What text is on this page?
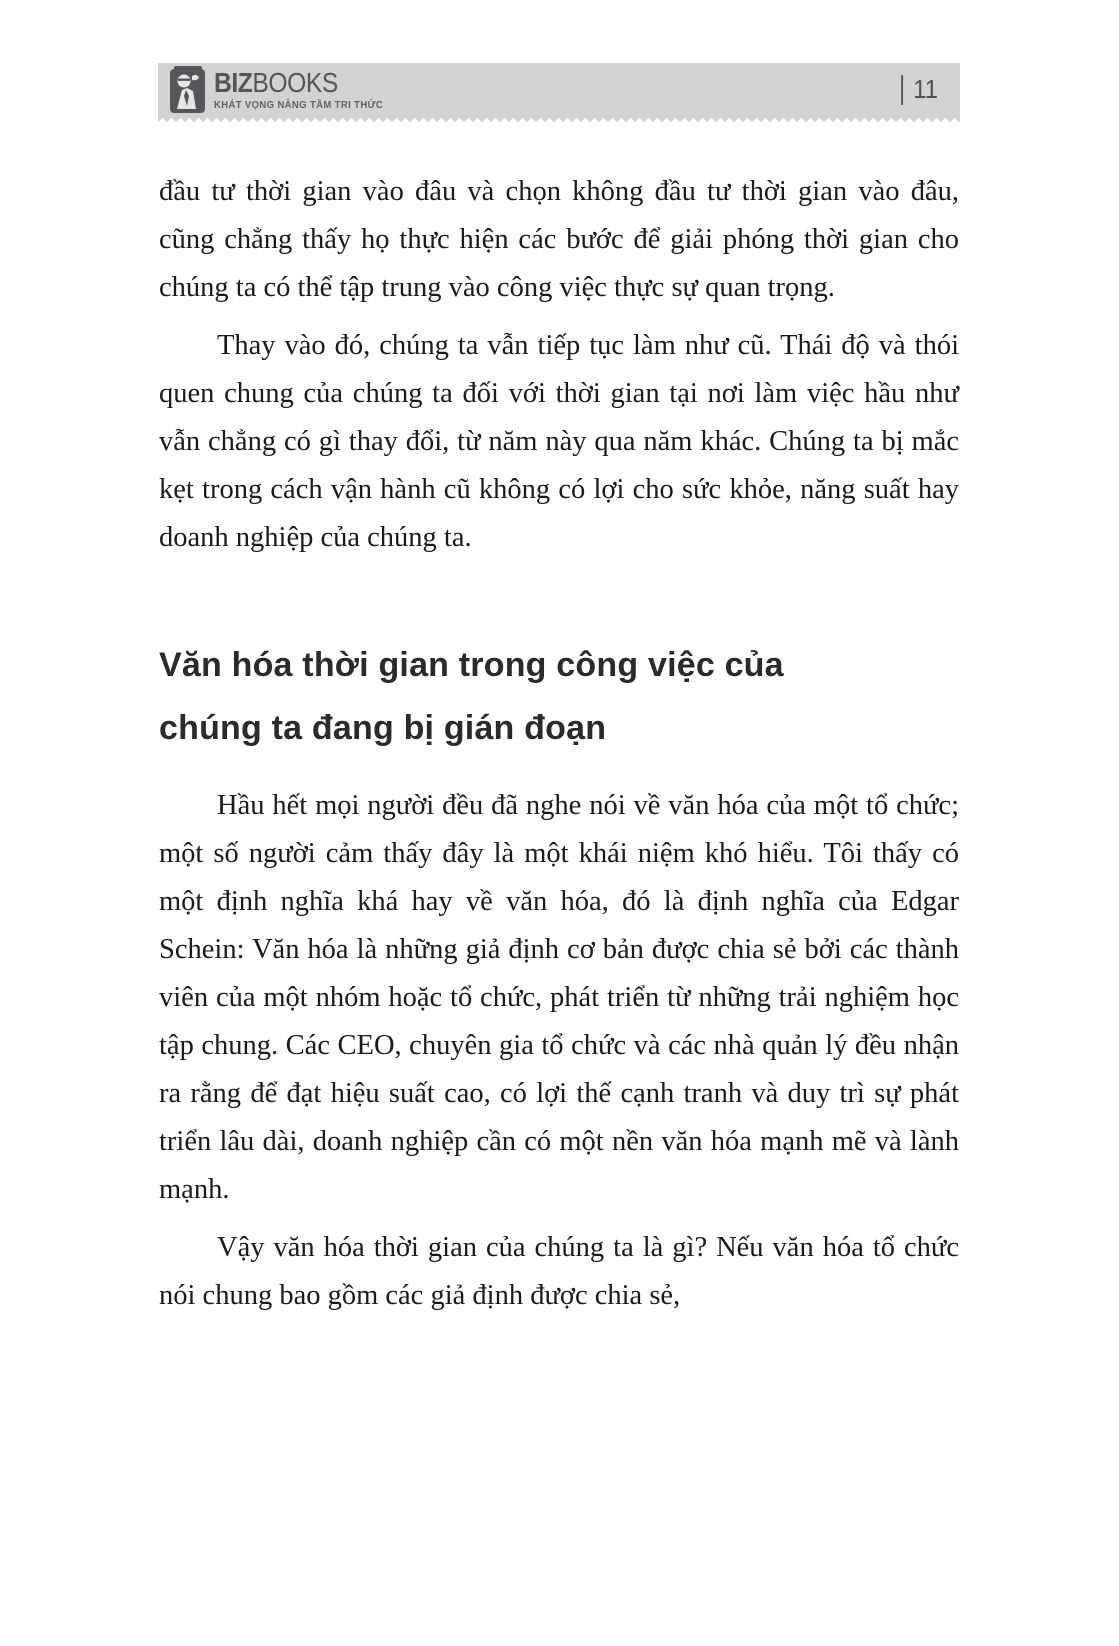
BIZBOOKS
KHÁT VỌNG NÂNG TẦM TRI THỨC
11

đầu tư thời gian vào đâu và chọn không đầu tư thời gian vào đâu, cũng chẳng thấy họ thực hiện các bước để giải phóng thời gian cho chúng ta có thể tập trung vào công việc thực sự quan trọng.

Thay vào đó, chúng ta vẫn tiếp tục làm như cũ. Thái độ và thói quen chung của chúng ta đối với thời gian tại nơi làm việc hầu như vẫn chẳng có gì thay đổi, từ năm này qua năm khác. Chúng ta bị mắc kẹt trong cách vận hành cũ không có lợi cho sức khỏe, năng suất hay doanh nghiệp của chúng ta.

Văn hóa thời gian trong công việc của chúng ta đang bị gián đoạn

Hầu hết mọi người đều đã nghe nói về văn hóa của một tổ chức; một số người cảm thấy đây là một khái niệm khó hiểu. Tôi thấy có một định nghĩa khá hay về văn hóa, đó là định nghĩa của Edgar Schein: Văn hóa là những giả định cơ bản được chia sẻ bởi các thành viên của một nhóm hoặc tổ chức, phát triển từ những trải nghiệm học tập chung. Các CEO, chuyên gia tổ chức và các nhà quản lý đều nhận ra rằng để đạt hiệu suất cao, có lợi thế cạnh tranh và duy trì sự phát triển lâu dài, doanh nghiệp cần có một nền văn hóa mạnh mẽ và lành mạnh.

Vậy văn hóa thời gian của chúng ta là gì? Nếu văn hóa tổ chức nói chung bao gồm các giả định được chia sẻ,
